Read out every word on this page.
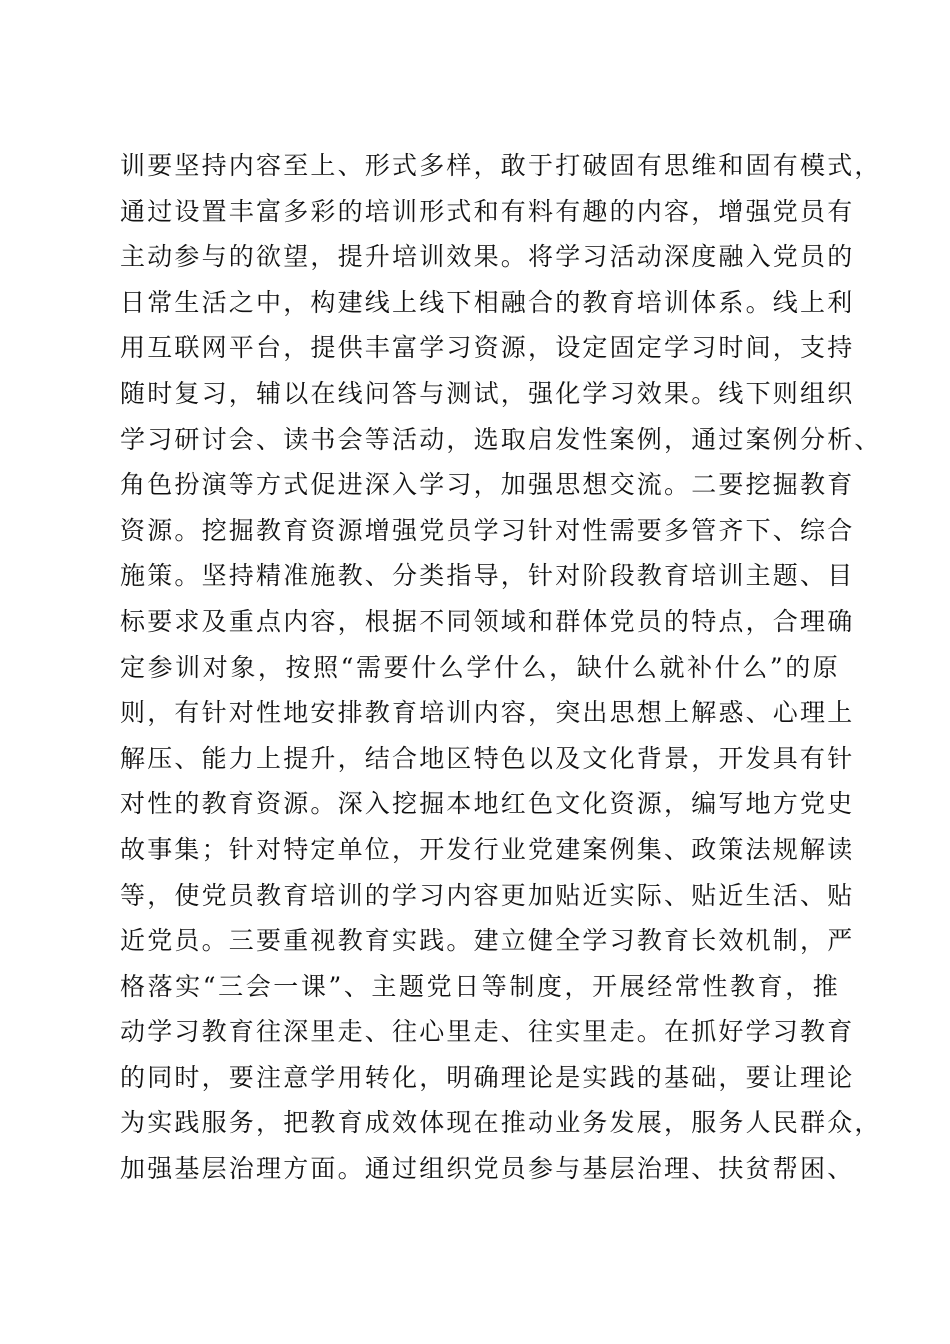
训要坚持内容至上、形式多样，敢于打破固有思维和固有模式，
通过设置丰富多彩的培训形式和有料有趣的内容，增强党员有
主动参与的欲望，提升培训效果。将学习活动深度融入党员的
日常生活之中，构建线上线下相融合的教育培训体系。线上利
用互联网平台，提供丰富学习资源，设定固定学习时间，支持
随时复习，辅以在线问答与测试，强化学习效果。线下则组织
学习研讨会、读书会等活动，选取启发性案例，通过案例分析、
角色扮演等方式促进深入学习，加强思想交流。二要挖掘教育
资源。挖掘教育资源增强党员学习针对性需要多管齐下、综合
施策。坚持精准施教、分类指导，针对阶段教育培训主题、目
标要求及重点内容，根据不同领域和群体党员的特点，合理确
定参训对象，按照“需要什么学什么，缺什么就补什么”的原
则，有针对性地安排教育培训内容，突出思想上解惑、心理上
解压、能力上提升，结合地区特色以及文化背景，开发具有针
对性的教育资源。深入挖掘本地红色文化资源，编写地方党史
故事集；针对特定单位，开发行业党建案例集、政策法规解读
等，使党员教育培训的学习内容更加贴近实际、贴近生活、贴
近党员。三要重视教育实践。建立健全学习教育长效机制，严
格落实“三会一课”、主题党日等制度，开展经常性教育，推
动学习教育往深里走、往心里走、往实里走。在抓好学习教育
的同时，要注意学用转化，明确理论是实践的基础，要让理论
为实践服务，把教育成效体现在推动业务发展，服务人民群众，
加强基层治理方面。通过组织党员参与基层治理、扶贫帮困、
